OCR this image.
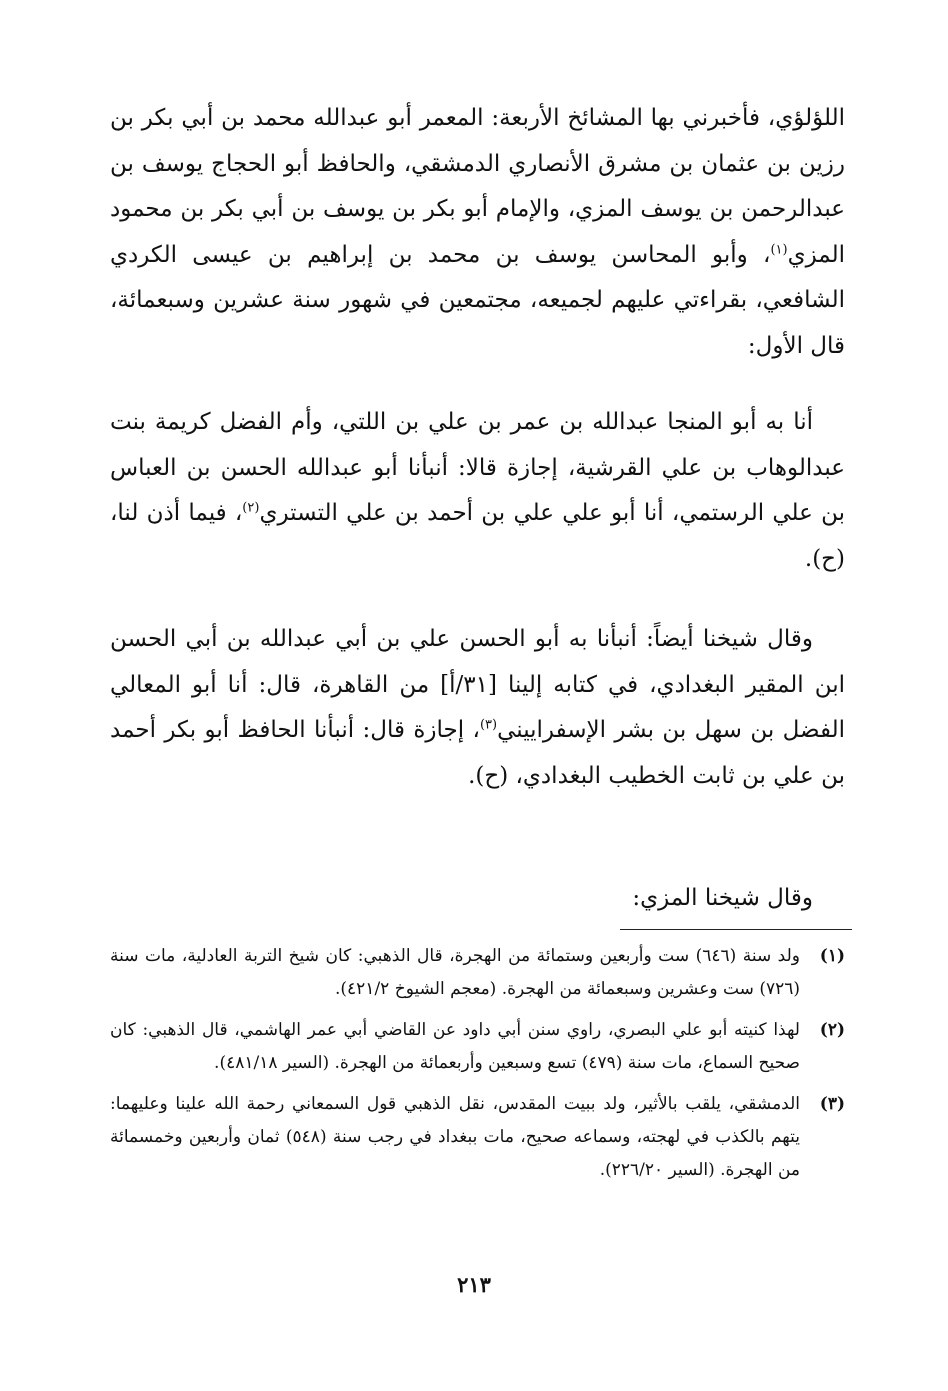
اللؤلؤي، فأخبرني بها المشائخ الأربعة: المعمر أبو عبدالله محمد بن أبي بكر بن رزين بن عثمان بن مشرق الأنصاري الدمشقي، والحافظ أبو الحجاج يوسف بن عبدالرحمن بن يوسف المزي، والإمام أبو بكر بن يوسف بن أبي بكر بن محمود المزي$^{(١)}$، وأبو المحاسن يوسف بن محمد بن إبراهيم بن عيسى الكردي الشافعي، بقراءتي عليهم لجميعه، مجتمعين في شهور سنة عشرين وسبعمائة، قال الأول:

أنا به أبو المنجا عبدالله بن عمر بن علي بن اللتي، وأم الفضل كريمة بنت عبدالوهاب بن علي القرشية، إجازة قالا: أنبأنا أبو عبدالله الحسن بن العباس بن علي الرستمي، أنا أبو علي علي بن أحمد بن علي التستري$^{(٢)}$، فيما أذن لنا، (ح).

وقال شيخنا أيضاً: أنبأنا به أبو الحسن علي بن أبي عبدالله بن أبي الحسن ابن المقير البغدادي، في كتابه إلينا [٣١/أ] من القاهرة، قال: أنا أبو المعالي الفضل بن سهل بن بشر الإسفراييني$^{(٣)}$، إجازة قال: أنبأنا الحافظ أبو بكر أحمد بن علي بن ثابت الخطيب البغدادي، (ح).

وقال شيخنا المزي:

(١)
ولد سنة (٦٤٦) ست وأربعين وستمائة من الهجرة، قال الذهبي: كان شيخ التربة العادلية، مات سنة (٧٢٦) ست وعشرين وسبعمائة من الهجرة. (معجم الشيوخ ٤٢١/٢).

(٢)
لهذا كنيته أبو علي البصري، راوي سنن أبي داود عن القاضي أبي عمر الهاشمي، قال الذهبي: كان صحيح السماع، مات سنة (٤٧٩) تسع وسبعين وأربعمائة من الهجرة. (السير ٤٨١/١٨).

(٣)
الدمشقي، يلقب بالأثير، ولد ببيت المقدس، نقل الذهبي قول السمعاني رحمة الله علينا وعليهما: يتهم بالكذب في لهجته، وسماعه صحيح، مات ببغداد في رجب سنة (٥٤٨) ثمان وأربعين وخمسمائة من الهجرة. (السير ٢٢٦/٢٠).

٢١٣
